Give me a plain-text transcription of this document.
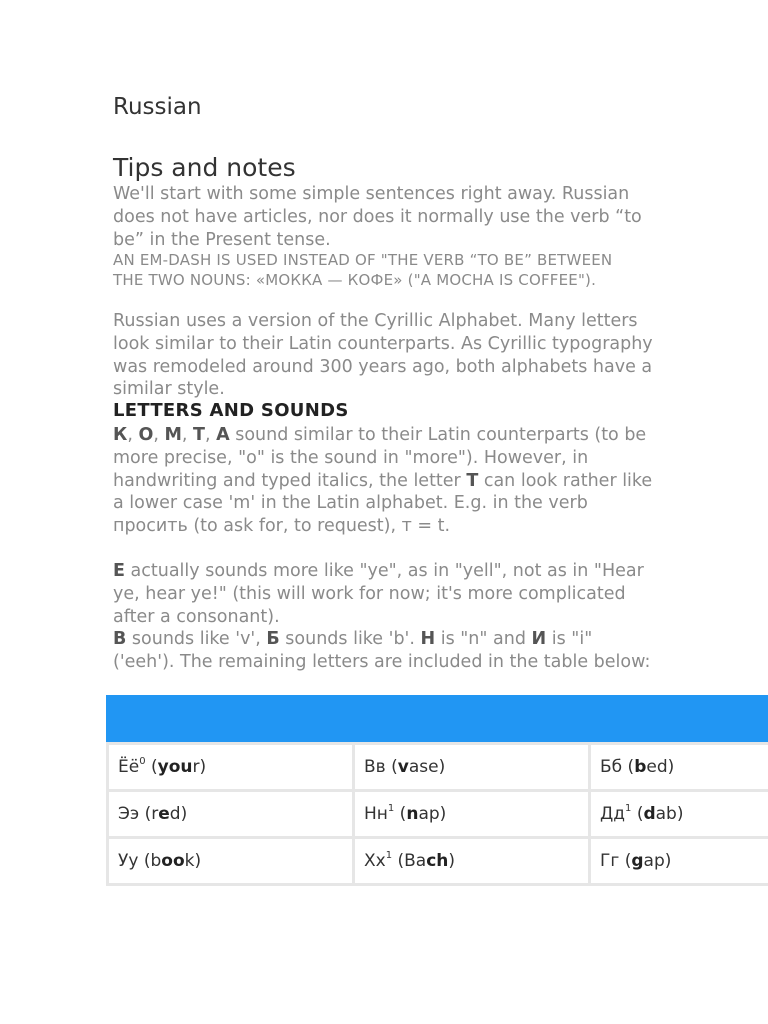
Russian
Tips and notes

We'll start with some simple sentences right away. Russian does not have articles, nor does it normally use the verb “to be” in the Present tense.

AN EM-DASH IS USED INSTEAD OF "THE VERB “TO BE” BETWEEN THE TWO NOUNS: «МОККА — КОФЕ» ("A MOCHA IS COFFEE").

Russian uses a version of the Cyrillic Alphabet. Many letters look similar to their Latin counterparts. As Cyrillic typography was remodeled around 300 years ago, both alphabets have a similar style.

LETTERS AND SOUNDS

К, О, М, Т, А sound similar to their Latin counterparts (to be more precise, "o" is the sound in "more"). However, in handwriting and typed italics, the letter Т can look rather like a lower case 'm' in the Latin alphabet. E.g. in the verb просить (to ask for, to request), т = t.

Е actually sounds more like "ye", as in "yell", not as in "Hear ye, hear ye!" (this will work for now; it's more complicated after a consonant).

В sounds like 'v', Б sounds like 'b'. Н is "n" and И is "i" ('eeh'). The remaining letters are included in the table below:

$Ёё^0$ (your)	Вв (vase)	Бб (bed)
Ээ (red)	$Нн^1$ (nap)	$Дд^1$ (dab)
Уу (book)	$Хх^1$ (Bach)	Гг (gap)
